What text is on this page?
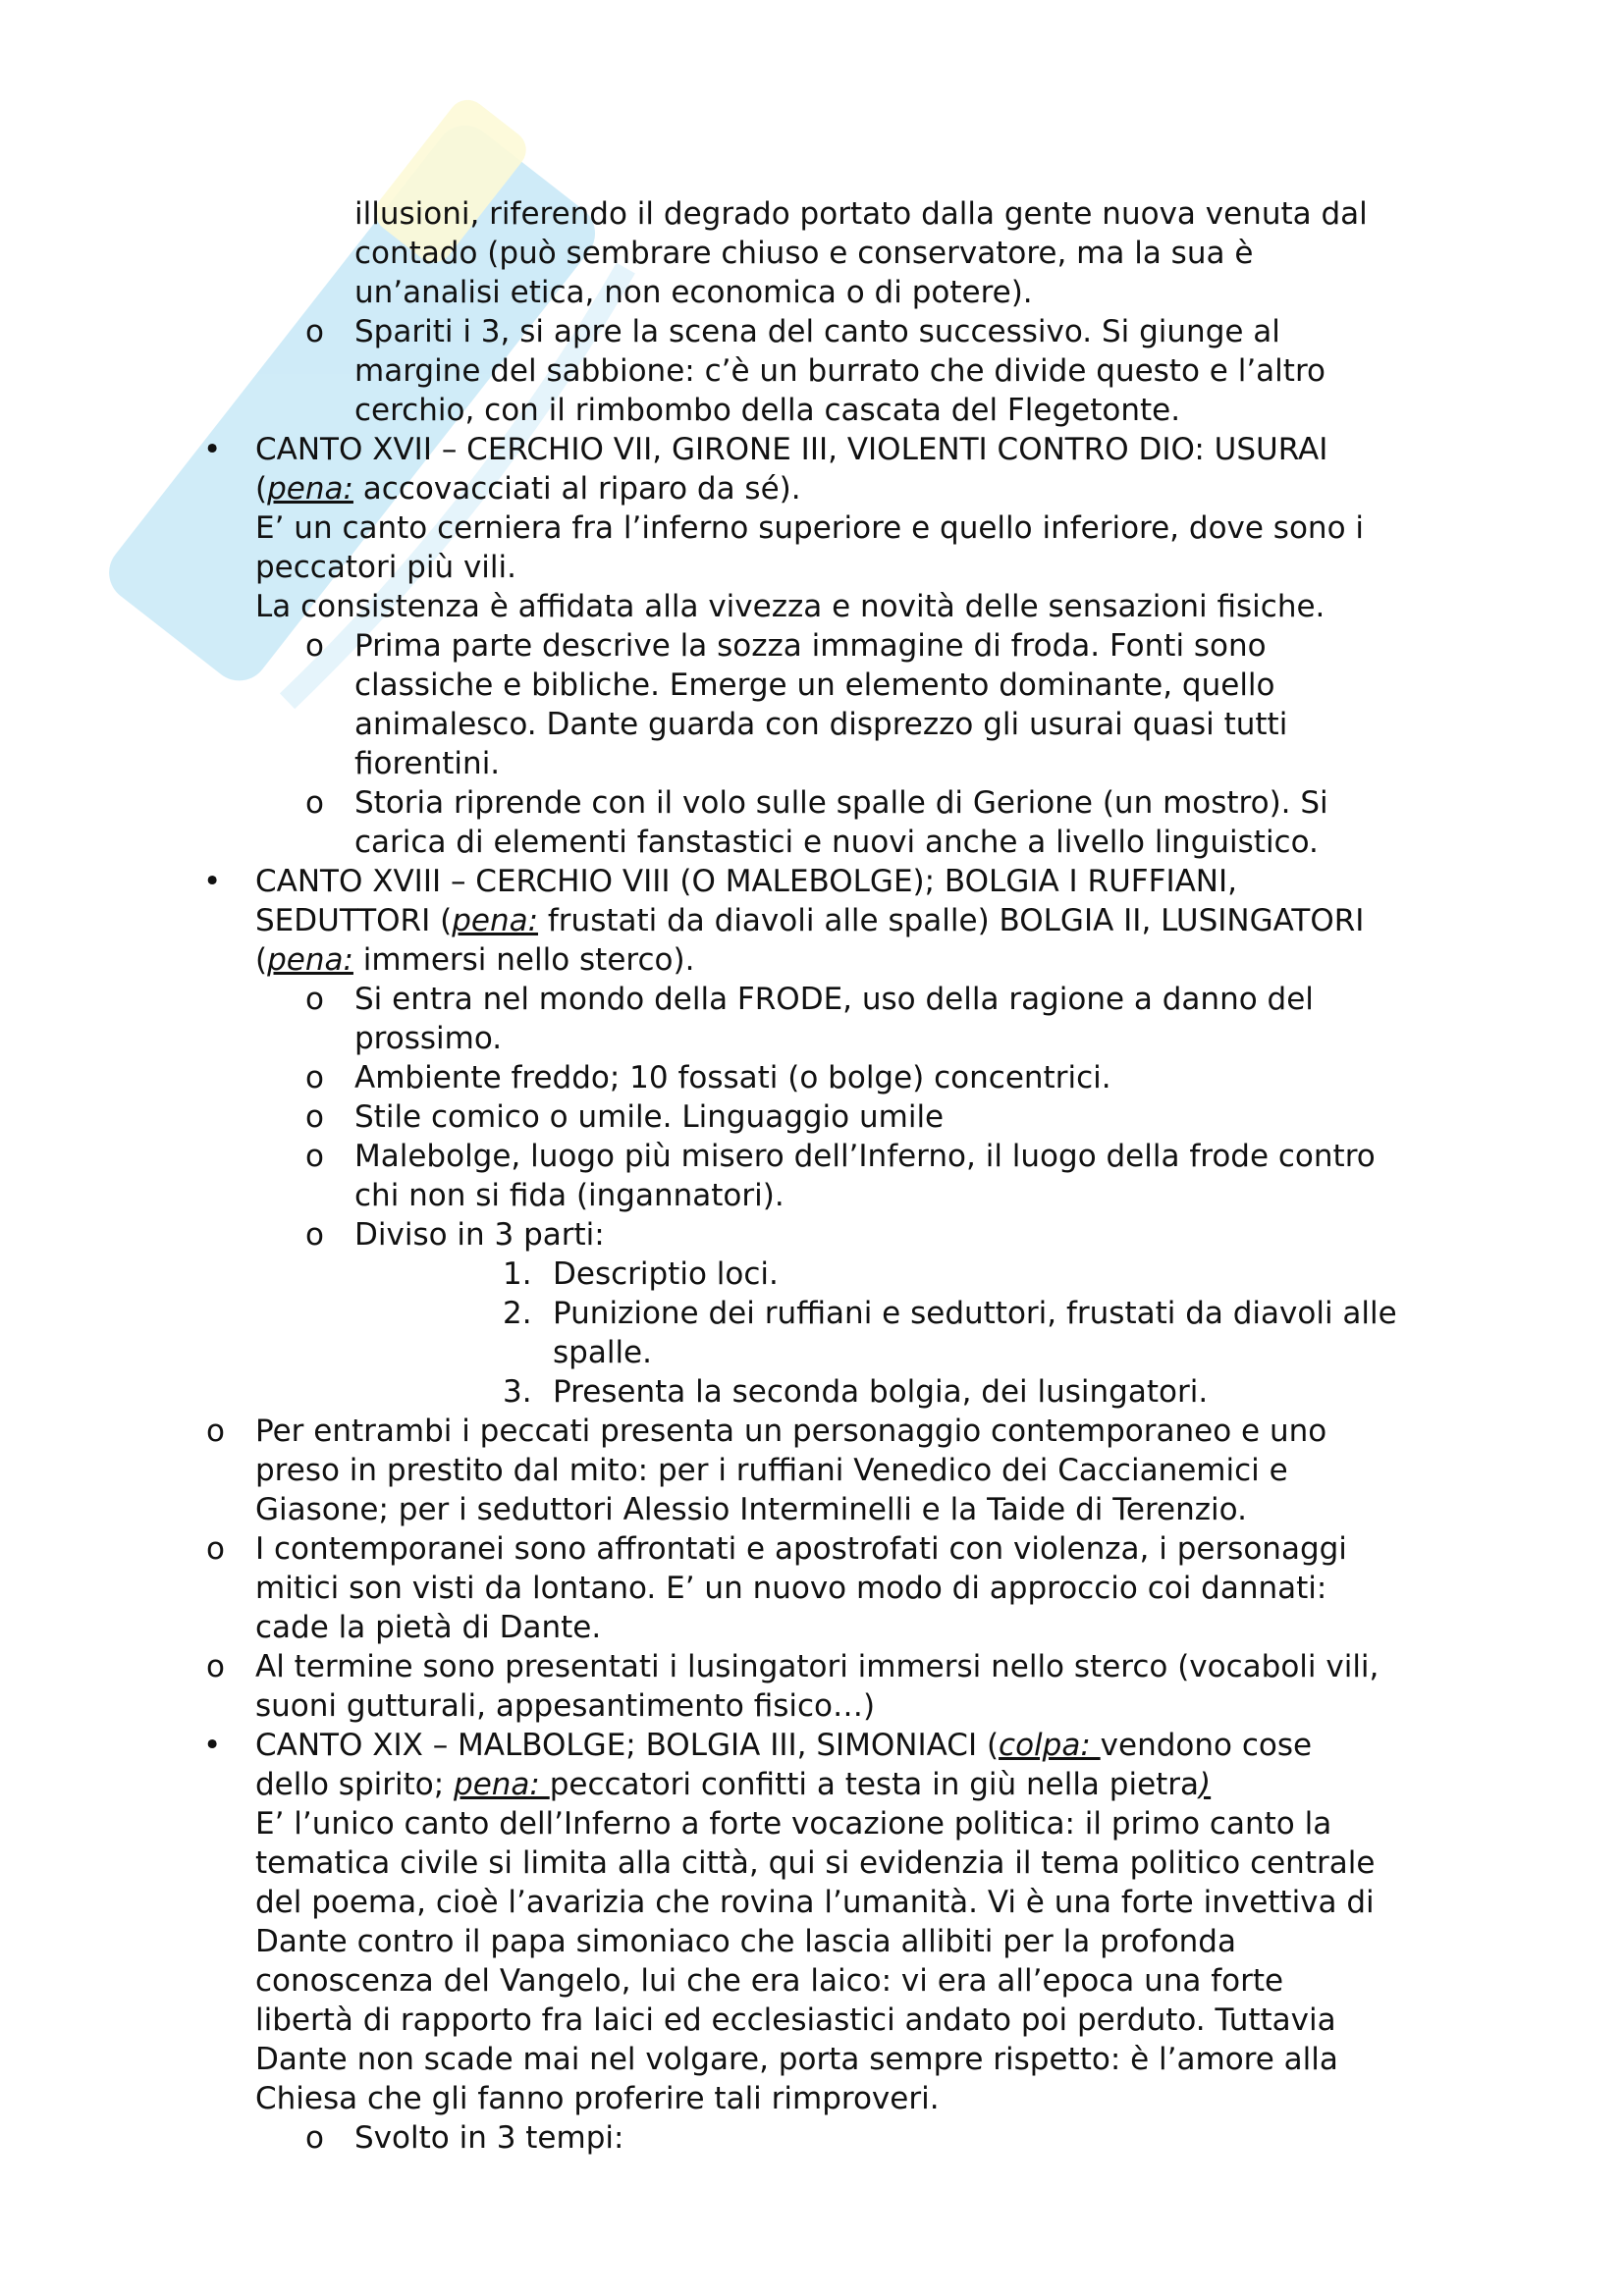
illusioni, riferendo il degrado portato dalla gente nuova venuta dal
contado (può sembrare chiuso e conservatore, ma la sua è
un’analisi etica, non economica o di potere).
o Spariti i 3, si apre la scena del canto successivo. Si giunge al
margine del sabbione: c’è un burrato che divide questo e l’altro
cerchio, con il rimbombo della cascata del Flegetonte.
• CANTO XVII – CERCHIO VII, GIRONE III, VIOLENTI CONTRO DIO: USURAI
(pena: accovacciati al riparo da sé).
E’ un canto cerniera fra l’inferno superiore e quello inferiore, dove sono i
peccatori più vili.
La consistenza è affidata alla vivezza e novità delle sensazioni fisiche.
o Prima parte descrive la sozza immagine di froda. Fonti sono
classiche e bibliche. Emerge un elemento dominante, quello
animalesco. Dante guarda con disprezzo gli usurai quasi tutti
fiorentini.
o Storia riprende con il volo sulle spalle di Gerione (un mostro). Si
carica di elementi fanstastici e nuovi anche a livello linguistico.
• CANTO XVIII – CERCHIO VIII (O MALEBOLGE); BOLGIA I RUFFIANI,
SEDUTTORI (pena: frustati da diavoli alle spalle) BOLGIA II, LUSINGATORI
(pena: immersi nello sterco).
o Si entra nel mondo della FRODE, uso della ragione a danno del
prossimo.
o Ambiente freddo; 10 fossati (o bolge) concentrici.
o Stile comico o umile. Linguaggio umile
o Malebolge, luogo più misero dell’Inferno, il luogo della frode contro
chi non si fida (ingannatori).
o Diviso in 3 parti:
1. Descriptio loci.
2. Punizione dei ruffiani e seduttori, frustati da diavoli alle
spalle.
3. Presenta la seconda bolgia, dei lusingatori.
o Per entrambi i peccati presenta un personaggio contemporaneo e uno
preso in prestito dal mito: per i ruffiani Venedico dei Caccianemici e
Giasone; per i seduttori Alessio Interminelli e la Taide di Terenzio.
o I contemporanei sono affrontati e apostrofati con violenza, i personaggi
mitici son visti da lontano. E’ un nuovo modo di approccio coi dannati:
cade la pietà di Dante.
o Al termine sono presentati i lusingatori immersi nello sterco (vocaboli vili,
suoni gutturali, appesantimento fisico…)
• CANTO XIX – MALBOLGE; BOLGIA III, SIMONIACI (colpa: vendono cose
dello spirito; pena: peccatori confitti a testa in giù nella pietra)
E’ l’unico canto dell’Inferno a forte vocazione politica: il primo canto la
tematica civile si limita alla città, qui si evidenzia il tema politico centrale
del poema, cioè l’avarizia che rovina l’umanità. Vi è una forte invettiva di
Dante contro il papa simoniaco che lascia allibiti per la profonda
conoscenza del Vangelo, lui che era laico: vi era all’epoca una forte
libertà di rapporto fra laici ed ecclesiastici andato poi perduto. Tuttavia
Dante non scade mai nel volgare, porta sempre rispetto: è l’amore alla
Chiesa che gli fanno proferire tali rimproveri.
o Svolto in 3 tempi:
